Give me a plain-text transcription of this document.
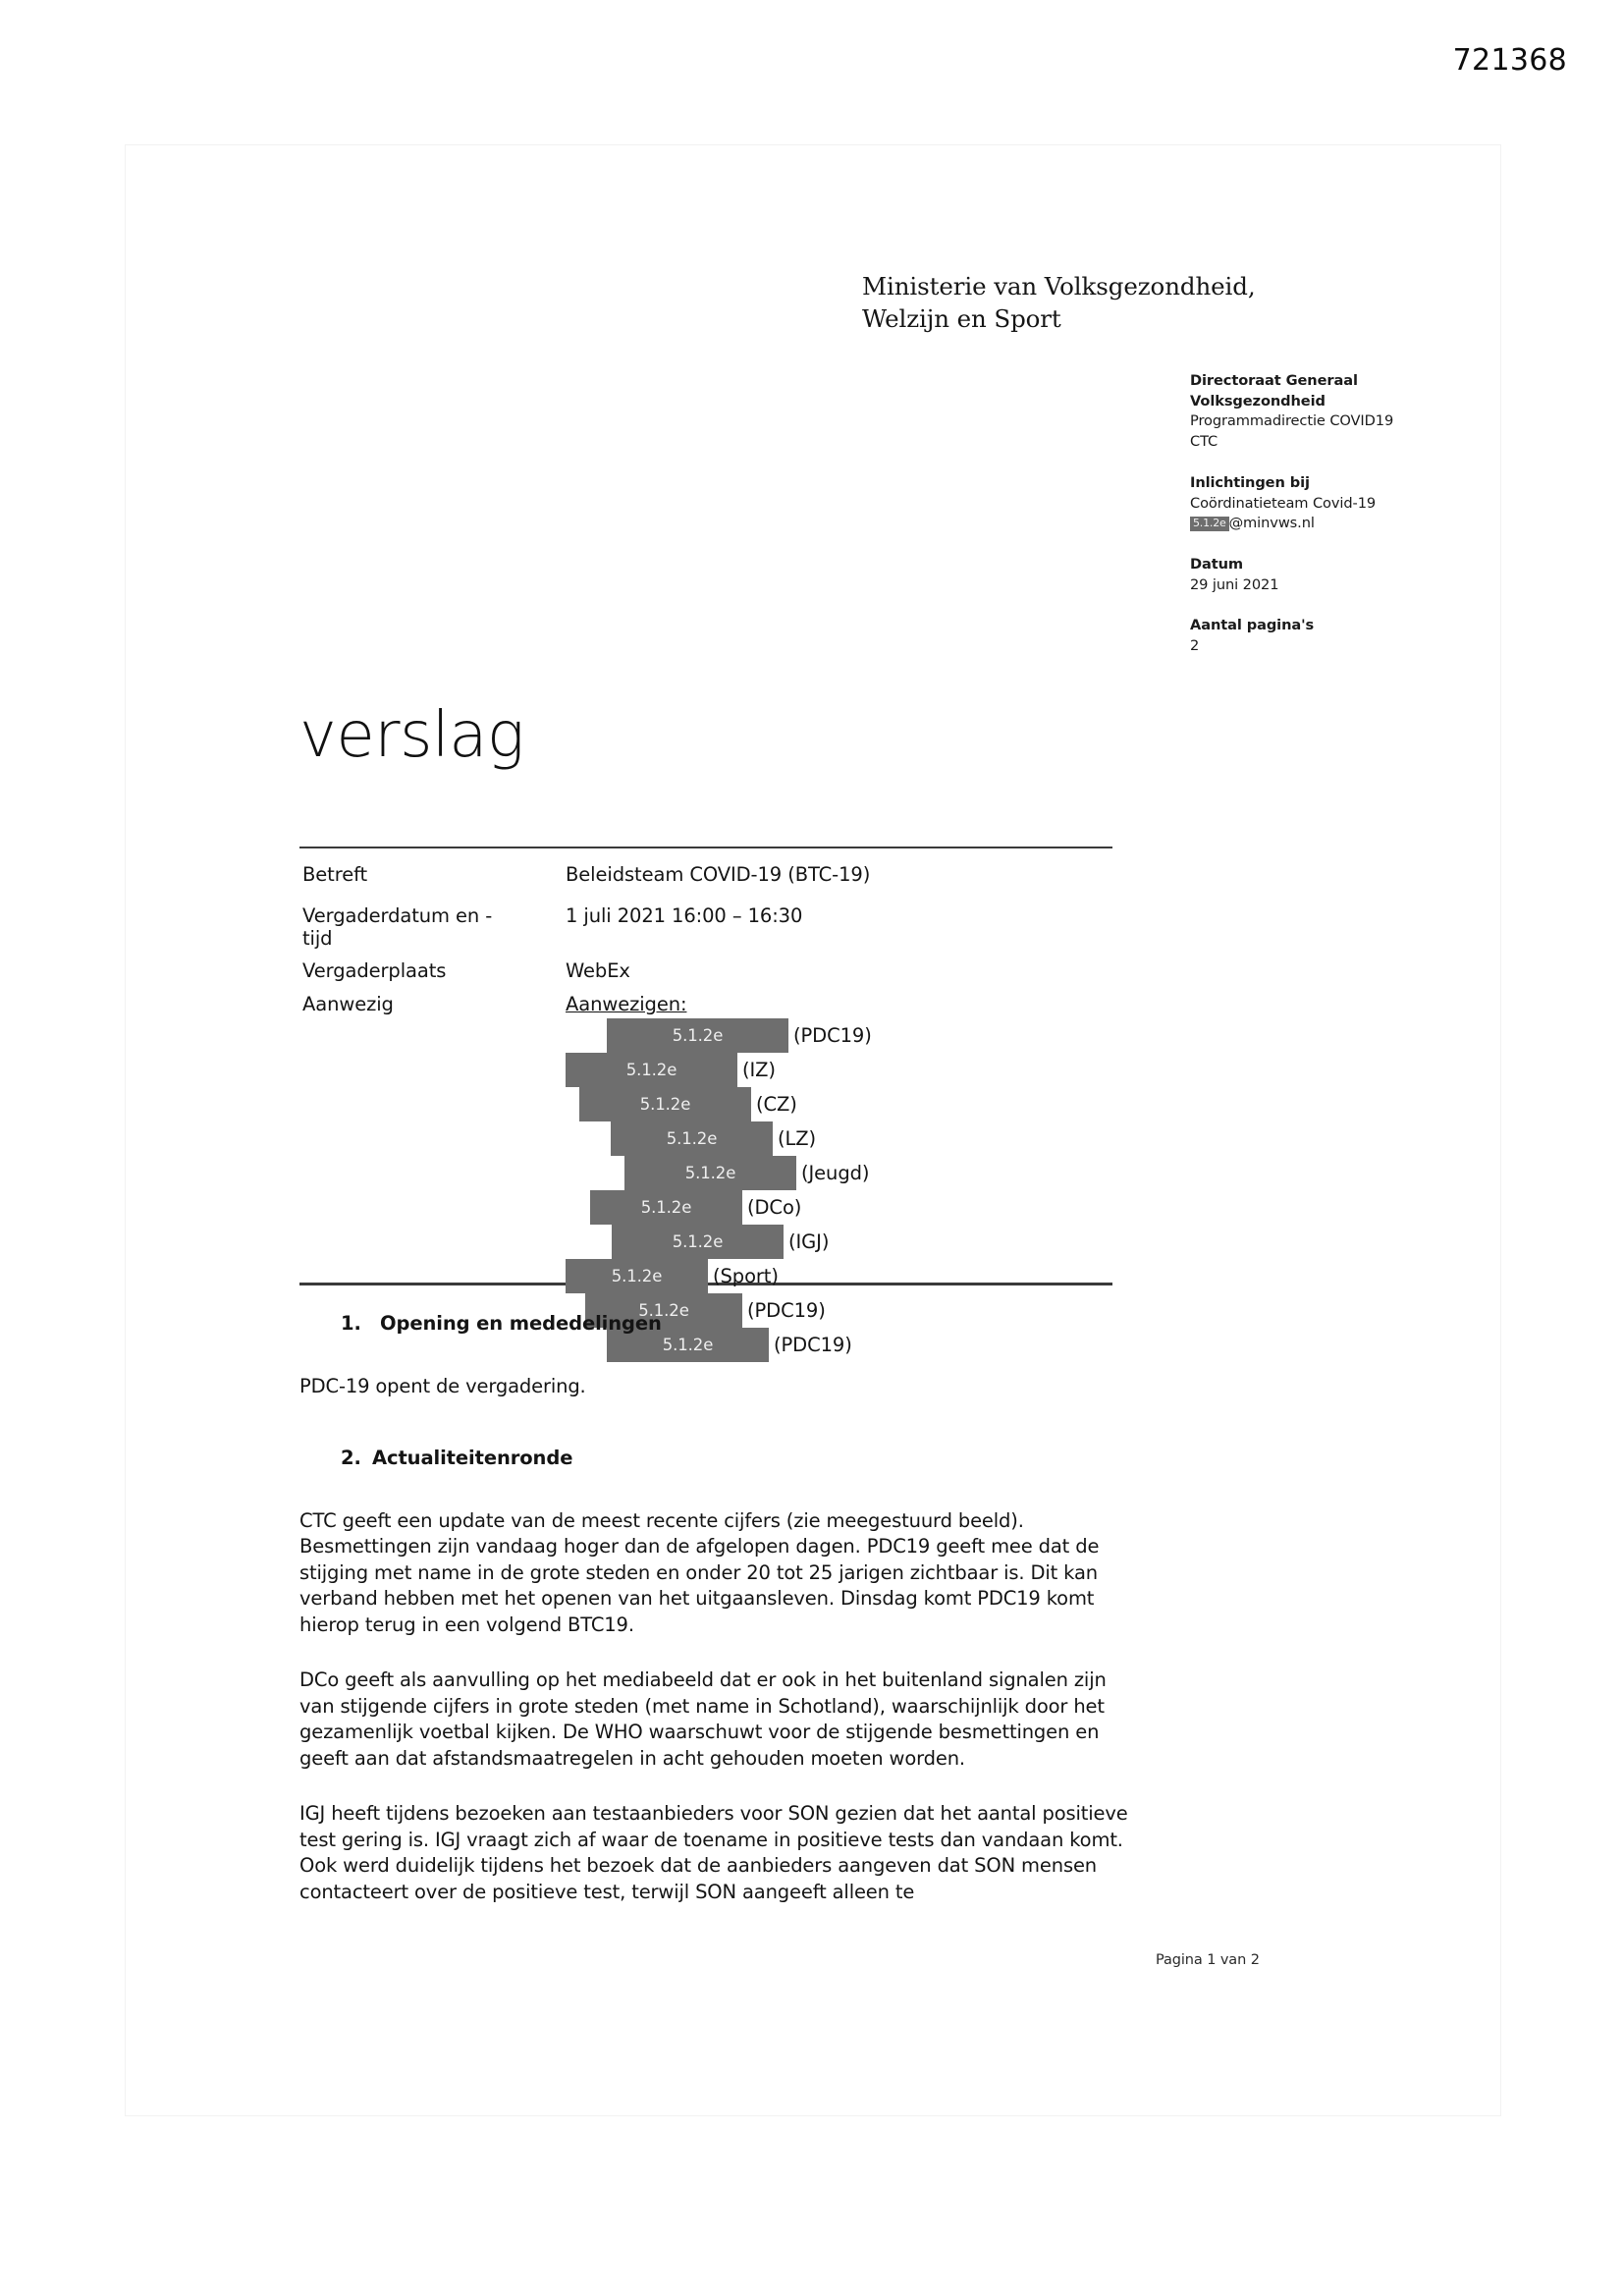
721368
Ministerie van Volksgezondheid,
Welzijn en Sport
Directoraat Generaal
Volksgezondheid
Programmadirectie COVID19
CTC
Inlichtingen bij
Coördinatieteam Covid-19
5.1.2e @minvws.nl
Datum
29 juni 2021
Aantal pagina's
2
verslag
Betreft	Beleidsteam COVID-19 (BTC-19)
Vergaderdatum en -
tijd
1 juli 2021 16:00 – 16:30
Vergaderplaats	WebEx
Aanwezig	Aanwezigen:
5.1.2e	(PDC19)
5.1.2e	(IZ)
5.1.2e	(CZ)
5.1.2e	(LZ)
5.1.2e	(Jeugd)
5.1.2e	(DCo)
5.1.2e	(IGJ)
5.1.2e	(Sport)
5.1.2e	(PDC19)
5.1.2e	(PDC19)
1. Opening en mededelingen

PDC-19 opent de vergadering.

2. Actualiteitenronde

CTC geeft een update van de meest recente cijfers (zie meegestuurd beeld). Besmettingen zijn vandaag hoger dan de afgelopen dagen. PDC19 geeft mee dat de stijging met name in de grote steden en onder 20 tot 25 jarigen zichtbaar is. Dit kan verband hebben met het openen van het uitgaansleven. Dinsdag komt PDC19 komt hierop terug in een volgend BTC19.

DCo geeft als aanvulling op het mediabeeld dat er ook in het buitenland signalen zijn van stijgende cijfers in grote steden (met name in Schotland), waarschijnlijk door het gezamenlijk voetbal kijken. De WHO waarschuwt voor de stijgende besmettingen en geeft aan dat afstandsmaatregelen in acht gehouden moeten worden.

IGJ heeft tijdens bezoeken aan testaanbieders voor SON gezien dat het aantal positieve test gering is. IGJ vraagt zich af waar de toename in positieve tests dan vandaan komt. Ook werd duidelijk tijdens het bezoek dat de aanbieders aangeven dat SON mensen contacteert over de positieve test, terwijl SON aangeeft alleen te

Pagina 1 van 2
